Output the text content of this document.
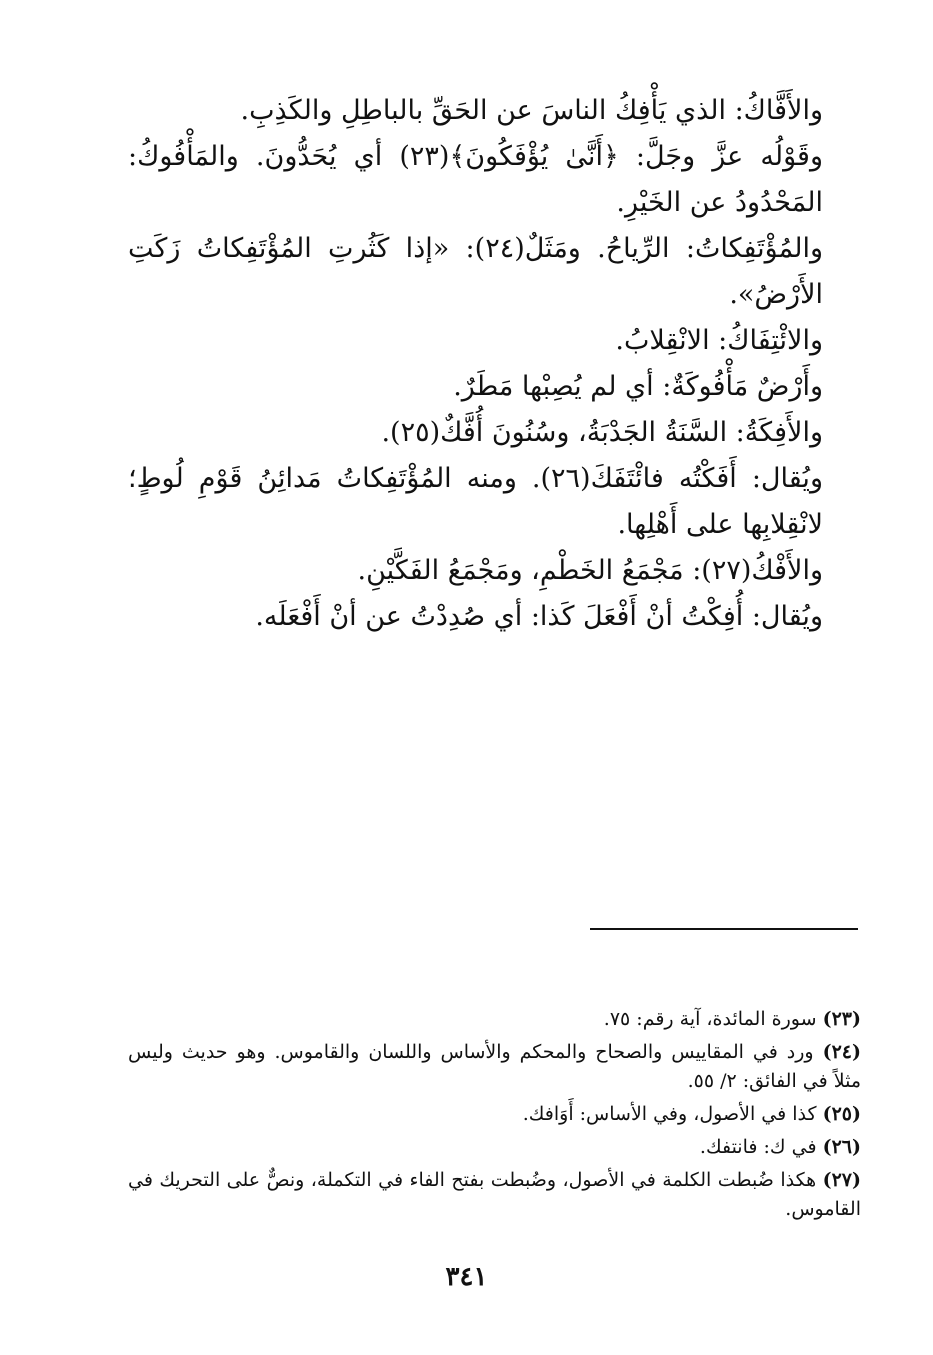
والأَفَّاكُ: الذي يَأْفِكُ الناسَ عن الحَقِّ بالباطِلِ والكَذِبِ.

وقَوْلُه عزَّ وجَلَّ: ﴿أَنَّىٰ يُؤْفَكُونَ﴾(٢٣) أي يُحَدُّونَ. والمَأْفُوكُ: المَحْدُودُ عن الخَيْرِ.

والمُؤْتَفِكاتُ: الرِّياحُ. ومَثَلٌ(٢٤): «إذا كَثُرتِ المُؤْتَفِكاتُ زَكَتِ الأَرْضُ».

والائْتِفَاكُ: الانْقِلابُ.

وأَرْضٌ مَأْفُوكَةٌ: أي لم يُصِبْها مَطَرٌ.

والأَفِكَةُ: السَّنَةُ الجَدْبَةُ، وسُنُونَ أُفَّكٌ(٢٥).

ويُقال: أَفَكْتُه فائْتَفَكَ(٢٦). ومنه المُؤْتَفِكاتُ مَدائِنُ قَوْمِ لُوطٍ؛ لانْقِلابِها على أَهْلِها.

والأَفْكُ(٢٧): مَجْمَعُ الخَطْمِ، ومَجْمَعُ الفَكَّيْنِ.

ويُقال: أُفِكْتُ أنْ أَفْعَلَ كَذا: أي صُدِدْتُ عن أنْ أَفْعَلَه.

(٢٣) سورة المائدة، آية رقم: ٧٥.

(٢٤) ورد في المقاييس والصحاح والمحكم والأساس واللسان والقاموس. وهو حديث وليس مثلاً في الفائق: ٢/ ٥٥.

(٢٥) كذا في الأصول، وفي الأساس: أَوَافك.

(٢٦) في ك: فانتفك.

(٢٧) هكذا ضُبطت الكلمة في الأصول، وضُبطت بفتح الفاء في التكملة، ونصٌّ على التحريك في القاموس.

٣٤١
